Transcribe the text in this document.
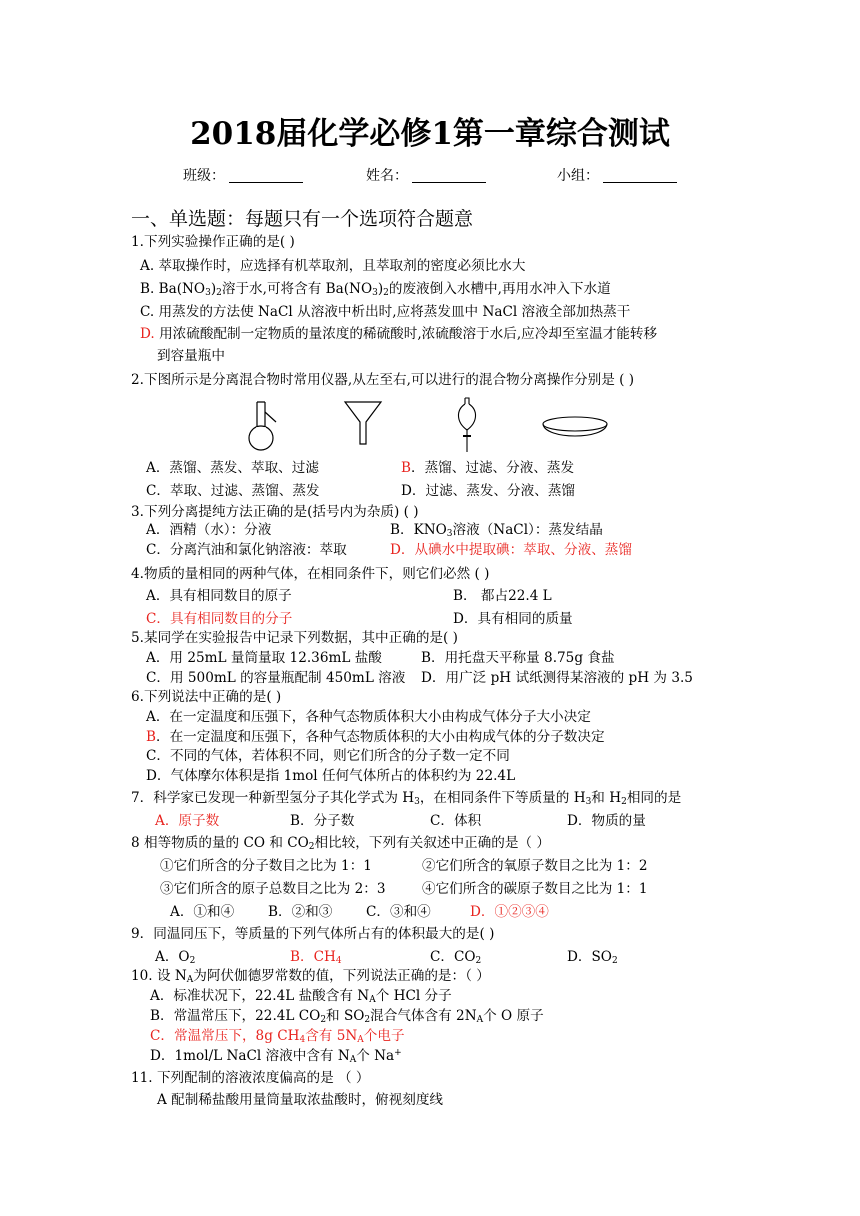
2018届化学必修1第一章综合测试
班级：	姓名：	小组：
一、单选题：每题只有一个选项符合题意
1.下列实验操作正确的是( )
A. 萃取操作时，应选择有机萃取剂，且萃取剂的密度必须比水大
B. $Ba(NO_3)_2$溶于水,可将含有 $Ba(NO_3)_2$的废液倒入水槽中,再用水冲入下水道
C. 用蒸发的方法使 NaCl 从溶液中析出时,应将蒸发皿中 NaCl 溶液全部加热蒸干
D. 用浓硫酸配制一定物质的量浓度的稀硫酸时,浓硫酸溶于水后,应冷却至室温才能转移
到容量瓶中
2.下图所示是分离混合物时常用仪器,从左至右,可以进行的混合物分离操作分别是 ( )
A．蒸馏、蒸发、萃取、过滤	B．蒸馏、过滤、分液、蒸发
C．萃取、过滤、蒸馏、蒸发	D．过滤、蒸发、分液、蒸馏
3.下列分离提纯方法正确的是(括号内为杂质) ( )
A．酒精（水）：分液	B．$KNO_3$溶液（NaCl）：蒸发结晶
C．分离汽油和氯化钠溶液：萃取	D．从碘水中提取碘：萃取、分液、蒸馏
4.物质的量相同的两种气体，在相同条件下，则它们必然 ( )
A．具有相同数目的原子	B． 都占22.4 L
C．具有相同数目的分子	D．具有相同的质量
5.某同学在实验报告中记录下列数据，其中正确的是( )
A．用 25mL 量筒量取 12.36mL 盐酸	B．用托盘天平称量 8.75g 食盐
C．用 500mL 的容量瓶配制 450mL 溶液 D．用广泛 pH 试纸测得某溶液的 pH 为 3.5
6.下列说法中正确的是( )
A．在一定温度和压强下，各种气态物质体积大小由构成气体分子大小决定
B．在一定温度和压强下，各种气态物质体积的大小由构成气体的分子数决定
C．不同的气体，若体积不同，则它们所含的分子数一定不同
D．气体摩尔体积是指 1mol 任何气体所占的体积约为 22.4L
7．科学家已发现一种新型氢分子其化学式为 $H_3$，在相同条件下等质量的 $H_3$和 $H_2$相同的是
A．原子数	B．分子数	C．体积	D．物质的量
8 相等物质的量的 CO 和 $CO_2$相比较，下列有关叙述中正确的是（ ）
①它们所含的分子数目之比为 1：1	②它们所含的氧原子数目之比为 1：2
③它们所含的原子总数目之比为 2：3	④它们所含的碳原子数目之比为 1：1
A．①和④ B．②和③ C．③和④	D．①②③④
9．同温同压下，等质量的下列气体所占有的体积最大的是( )
A．$O_2$	B．$CH_4$	C．$CO_2$	D．$SO_2$
10. 设 $N_A$为阿伏伽德罗常数的值，下列说法正确的是：（ ）
A．标准状况下，22.4L 盐酸含有 $N_A$个 HCl 分子
B．常温常压下，22.4L $CO_2$和 $SO_2$混合气体含有 $2N_A$个 O 原子
C．常温常压下，8g $CH_4$含有 $5N_A$个电子
D．1mol/L NaCl 溶液中含有 $N_A$个 Na+
11. 下列配制的溶液浓度偏高的是 （ ）
A 配制稀盐酸用量筒量取浓盐酸时，俯视刻度线
